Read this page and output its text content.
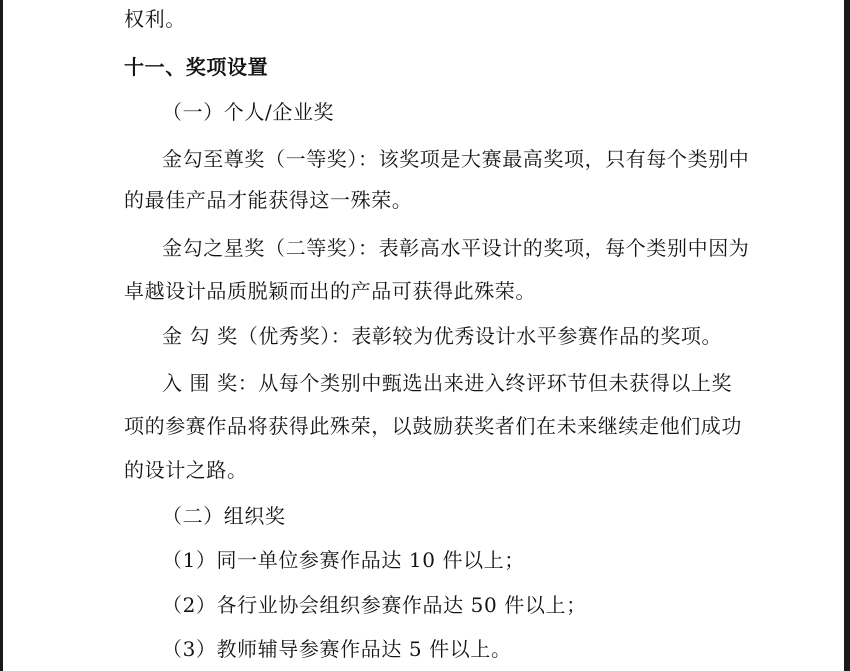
权利。
十一、奖项设置
（一）个人/企业奖
金勾至尊奖（一等奖）：该奖项是大赛最高奖项，只有每个类别中
的最佳产品才能获得这一殊荣。
金勾之星奖（二等奖）：表彰高水平设计的奖项，每个类别中因为
卓越设计品质脱颖而出的产品可获得此殊荣。
金 勾 奖（优秀奖）：表彰较为优秀设计水平参赛作品的奖项。
入 围 奖：从每个类别中甄选出来进入终评环节但未获得以上奖
项的参赛作品将获得此殊荣，以鼓励获奖者们在未来继续走他们成功
的设计之路。
（二）组织奖
（1）同一单位参赛作品达 10 件以上；
（2）各行业协会组织参赛作品达 50 件以上；
（3）教师辅导参赛作品达 5 件以上。
